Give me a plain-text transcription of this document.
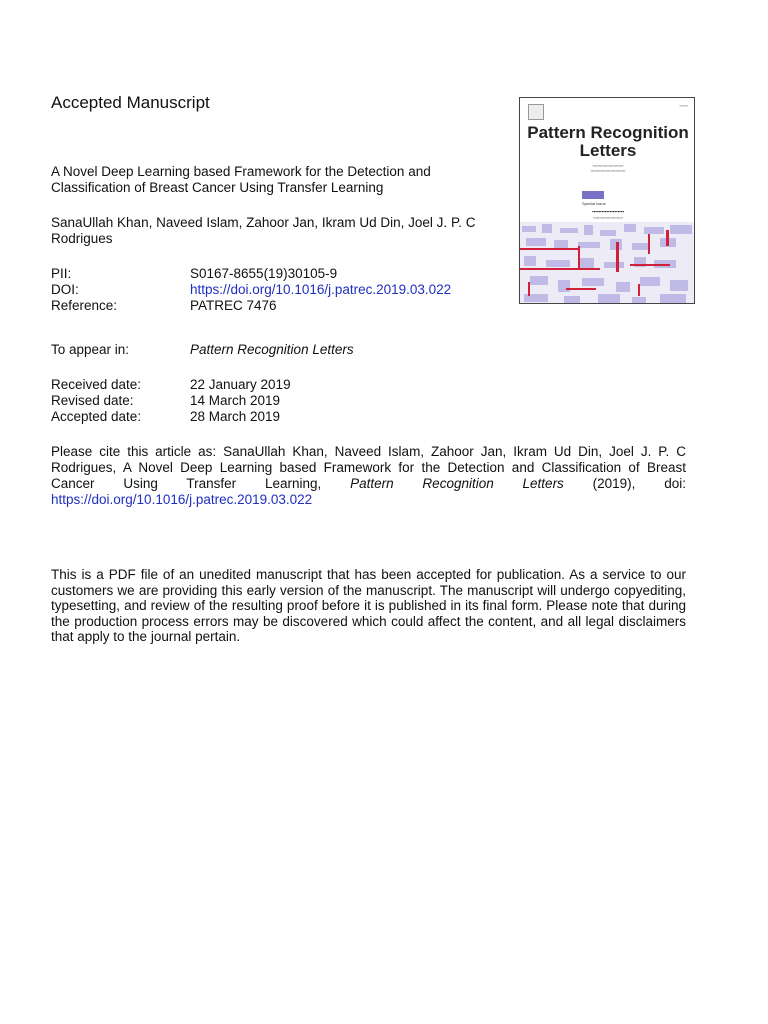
Accepted Manuscript
A Novel Deep Learning based Framework for the Detection and Classification of Breast Cancer Using Transfer Learning
SanaUllah Khan, Naveed Islam, Zahoor Jan, Ikram Ud Din, Joel J. P. C Rodrigues
PII:	S0167-8655(19)30105-9
DOI:	https://doi.org/10.1016/j.patrec.2019.03.022
Reference:	PATREC 7476
To appear in:	Pattern Recognition Letters
Received date:	22 January 2019
Revised date:	14 March 2019
Accepted date:	28 March 2019
Please cite this article as: SanaUllah Khan, Naveed Islam, Zahoor Jan, Ikram Ud Din, Joel J. P. C Rodrigues, A Novel Deep Learning based Framework for the Detection and Classification of Breast Cancer Using Transfer Learning, Pattern Recognition Letters (2019), doi: https://doi.org/10.1016/j.patrec.2019.03.022
This is a PDF file of an unedited manuscript that has been accepted for publication. As a service to our customers we are providing this early version of the manuscript. The manuscript will undergo copyediting, typesetting, and review of the resulting proof before it is published in its final form. Please note that during the production process errors may be discovered which could affect the content, and all legal disclaimers that apply to the journal pertain.
▪▪▪▪▪▪
Pattern Recognition Letters
▪▪▪▪▪▪▪▪▪▪▪▪▪▪▪▪▪▪▪▪▪▪▪▪▪
▪▪▪▪▪▪▪▪▪▪▪▪▪▪▪▪▪▪▪▪▪▪▪▪▪▪▪▪
Special Issue
▪▪▪▪▪▪▪▪▪▪▪▪▪▪▪▪▪▪▪▪
▪▪▪▪▪▪▪▪▪▪▪▪▪▪▪▪▪▪▪▪▪▪▪▪
